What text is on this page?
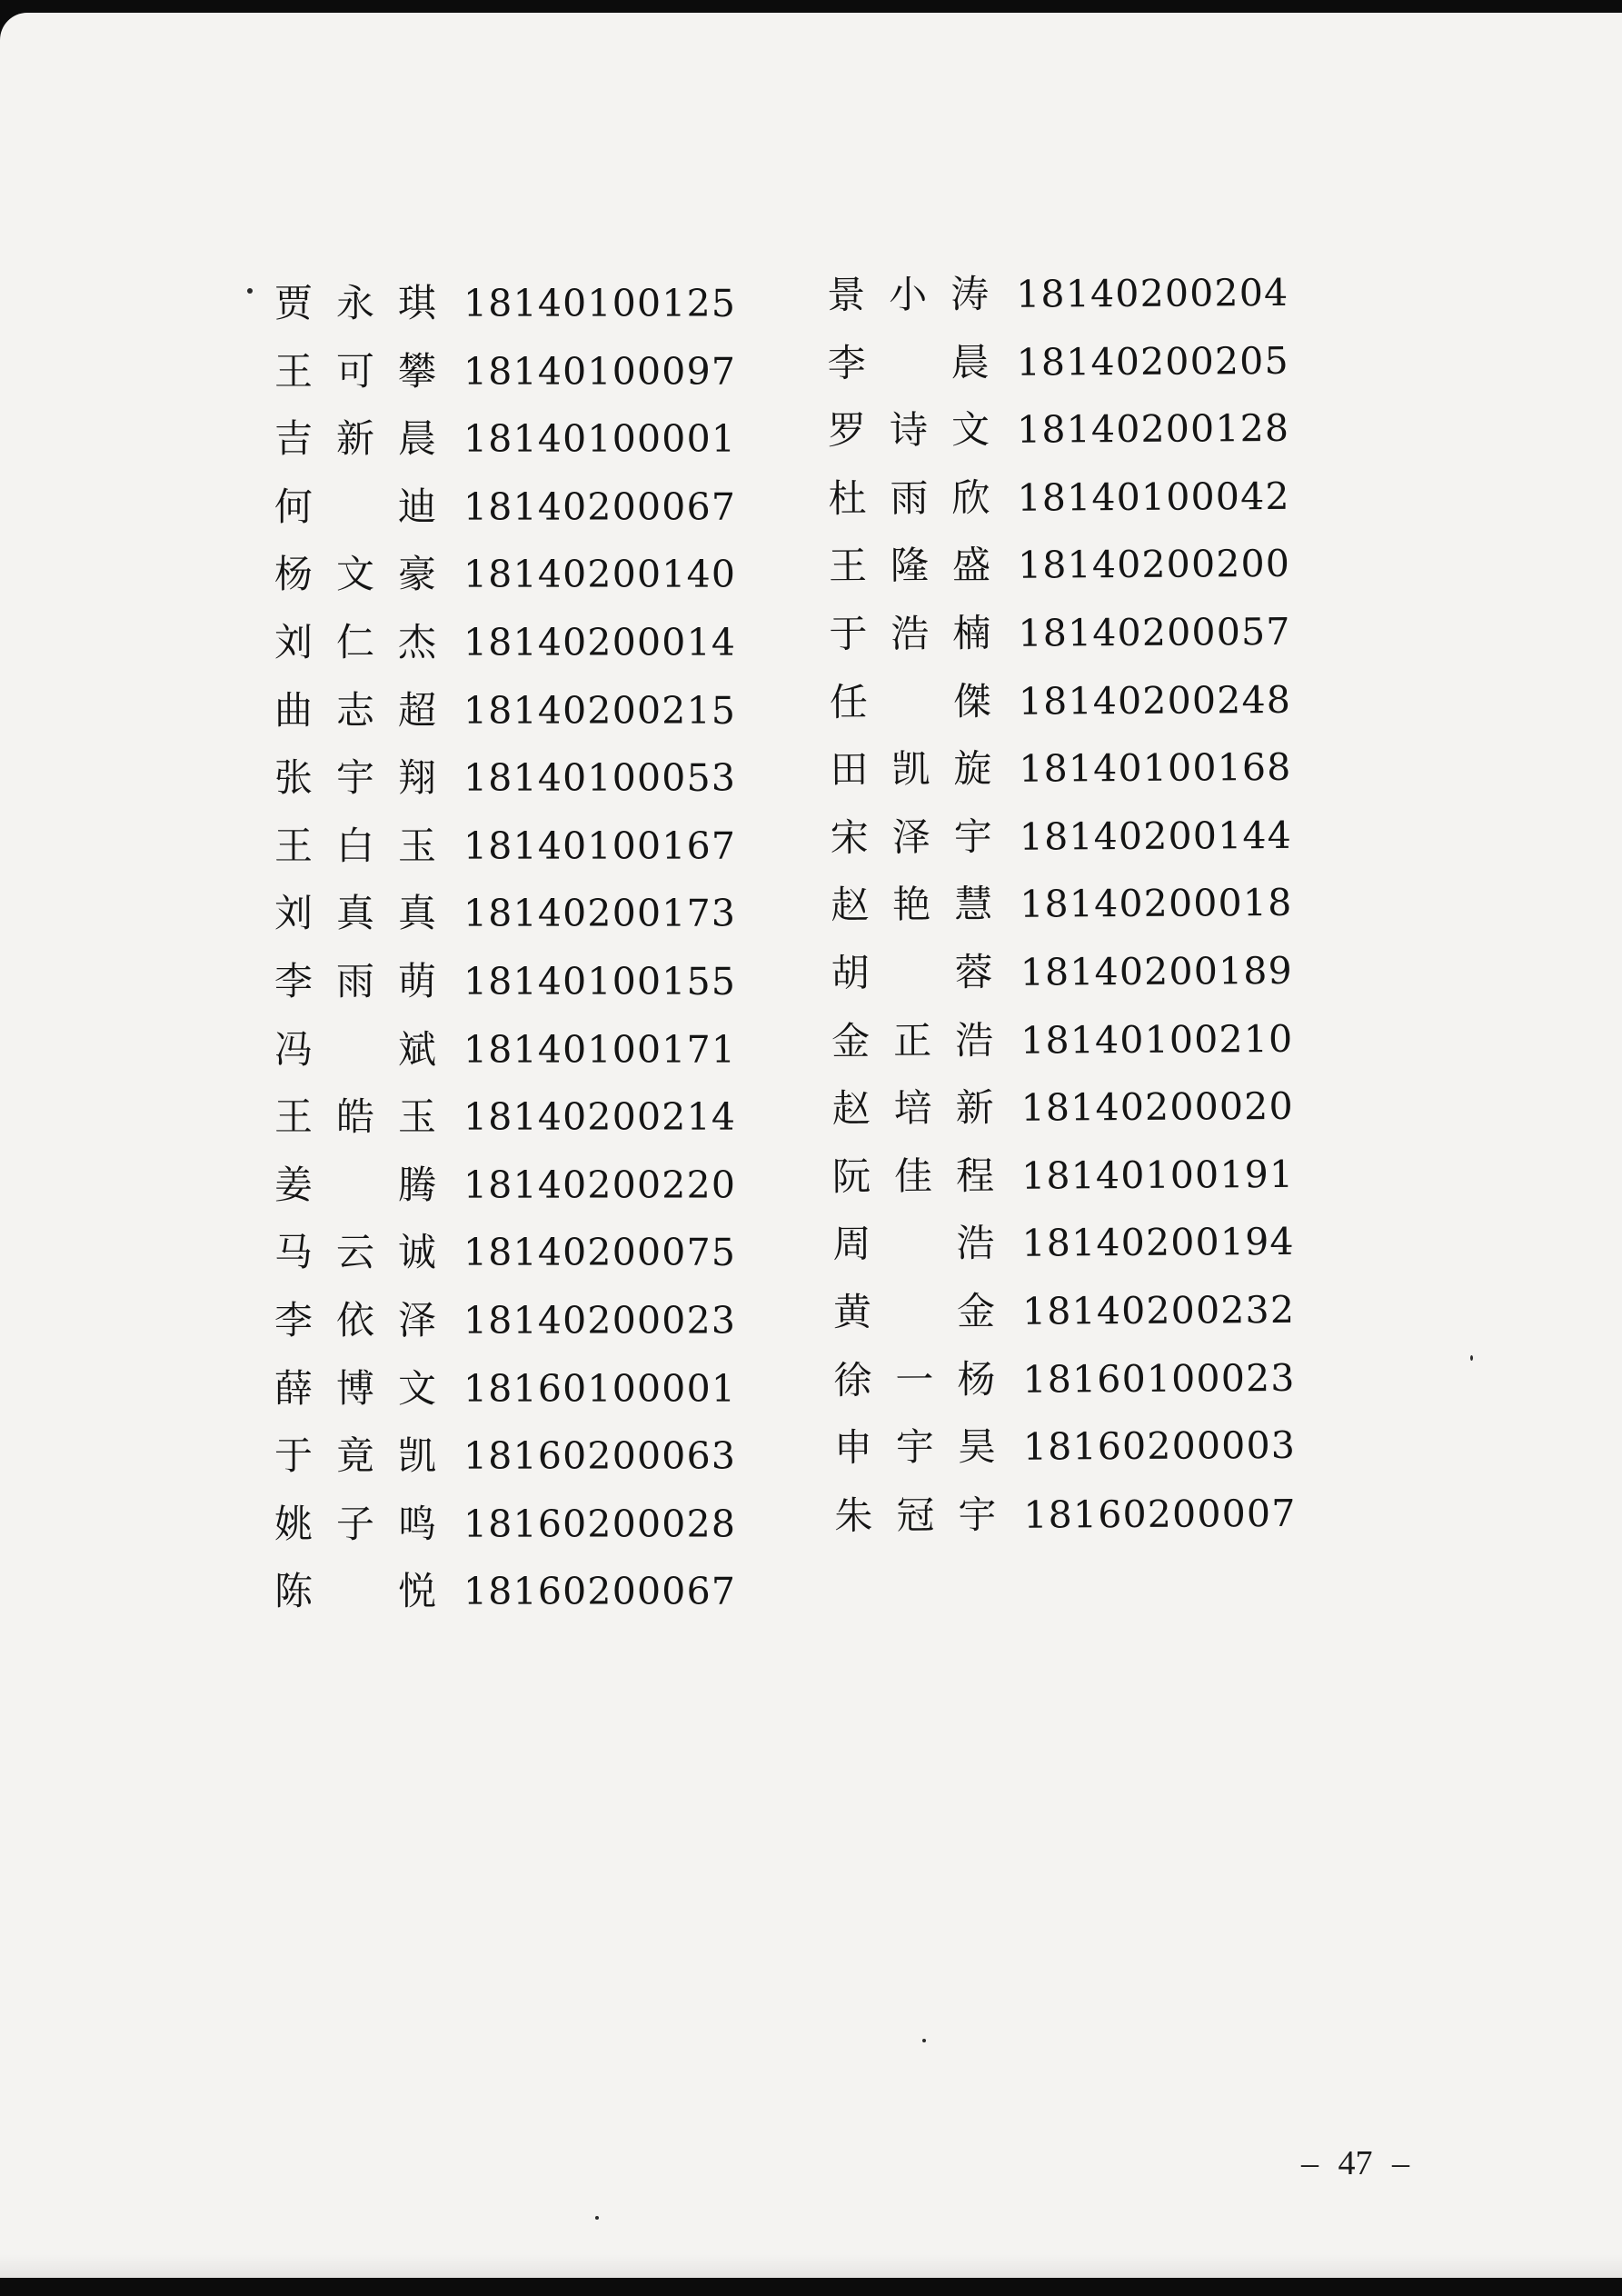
贾 永 琪 18140100125
王 可 攀 18140100097
吉 新 晨 18140100001
何 迪 18140200067
杨 文 豪 18140200140
刘 仁 杰 18140200014
曲 志 超 18140200215
张 宇 翔 18140100053
王 白 玉 18140100167
刘 真 真 18140200173
李 雨 萌 18140100155
冯 斌 18140100171
王 皓 玉 18140200214
姜 腾 18140200220
马 云 诚 18140200075
李 依 泽 18140200023
薛 博 文 18160100001
于 竟 凯 18160200063
姚 子 鸣 18160200028
陈 悦 18160200067
景 小 涛 18140200204
李 晨 18140200205
罗 诗 文 18140200128
杜 雨 欣 18140100042
王 隆 盛 18140200200
于 浩 楠 18140200057
任 傑 18140200248
田 凯 旋 18140100168
宋 泽 宇 18140200144
赵 艳 慧 18140200018
胡 蓉 18140200189
金 正 浩 18140100210
赵 培 新 18140200020
阮 佳 程 18140100191
周 浩 18140200194
黄 金 18140200232
徐 一 杨 18160100023
申 宇 昊 18160200003
朱 冠 宇 18160200007
– 47 –
